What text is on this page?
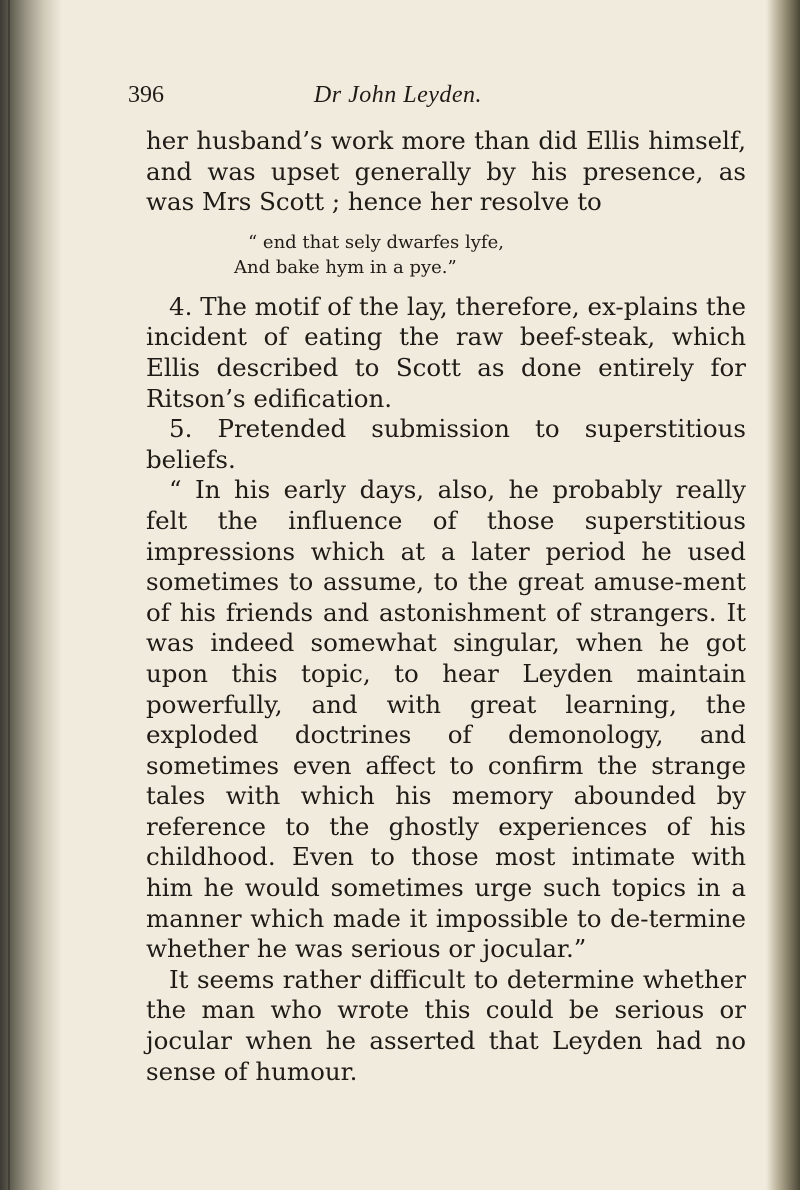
396	Dr John Leyden.

her husband’s work more than did Ellis himself, and was upset generally by his presence, as was Mrs Scott ; hence her resolve to

“ end that sely dwarfes lyfe,
And bake hym in a pye.”

4. The motif of the lay, therefore, ex-plains the incident of eating the raw beef-steak, which Ellis described to Scott as done entirely for Ritson’s edification.

5. Pretended submission to superstitious beliefs.

“ In his early days, also, he probably really felt the influence of those superstitious impressions which at a later period he used sometimes to assume, to the great amuse-ment of his friends and astonishment of strangers. It was indeed somewhat singular, when he got upon this topic, to hear Leyden maintain powerfully, and with great learning, the exploded doctrines of demonology, and sometimes even affect to confirm the strange tales with which his memory abounded by reference to the ghostly experiences of his childhood. Even to those most intimate with him he would sometimes urge such topics in a manner which made it impossible to de-termine whether he was serious or jocular.”

It seems rather difficult to determine whether the man who wrote this could be serious or jocular when he asserted that Leyden had no sense of humour.
